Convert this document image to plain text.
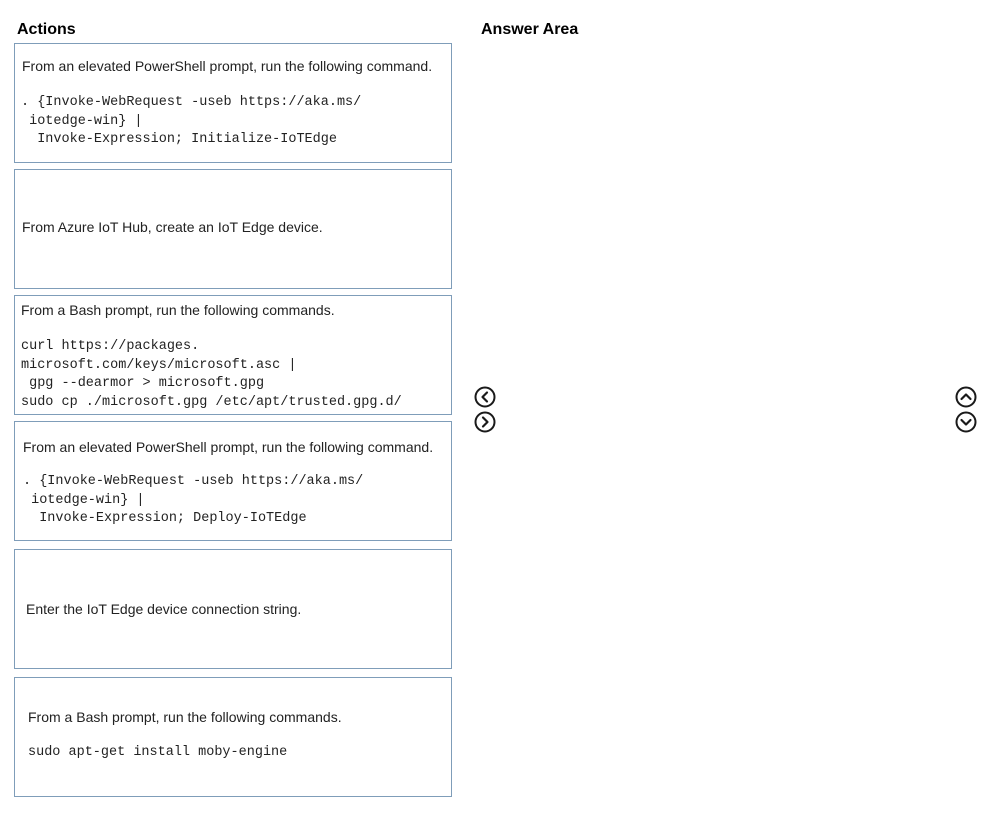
Actions	Answer Area
From an elevated PowerShell prompt, run the following command.
. {Invoke-WebRequest -useb https://aka.ms/
iotedge-win} |
Invoke-Expression; Initialize-IoTEdge
From Azure IoT Hub, create an IoT Edge device.
From a Bash prompt, run the following commands.
curl https://packages.
microsoft.com/keys/microsoft.asc |
gpg --dearmor > microsoft.gpg
sudo cp ./microsoft.gpg /etc/apt/trusted.gpg.d/
From an elevated PowerShell prompt, run the following command.
. {Invoke-WebRequest -useb https://aka.ms/
iotedge-win} |
Invoke-Expression; Deploy-IoTEdge
Enter the IoT Edge device connection string.
From a Bash prompt, run the following commands.
sudo apt-get install moby-engine
